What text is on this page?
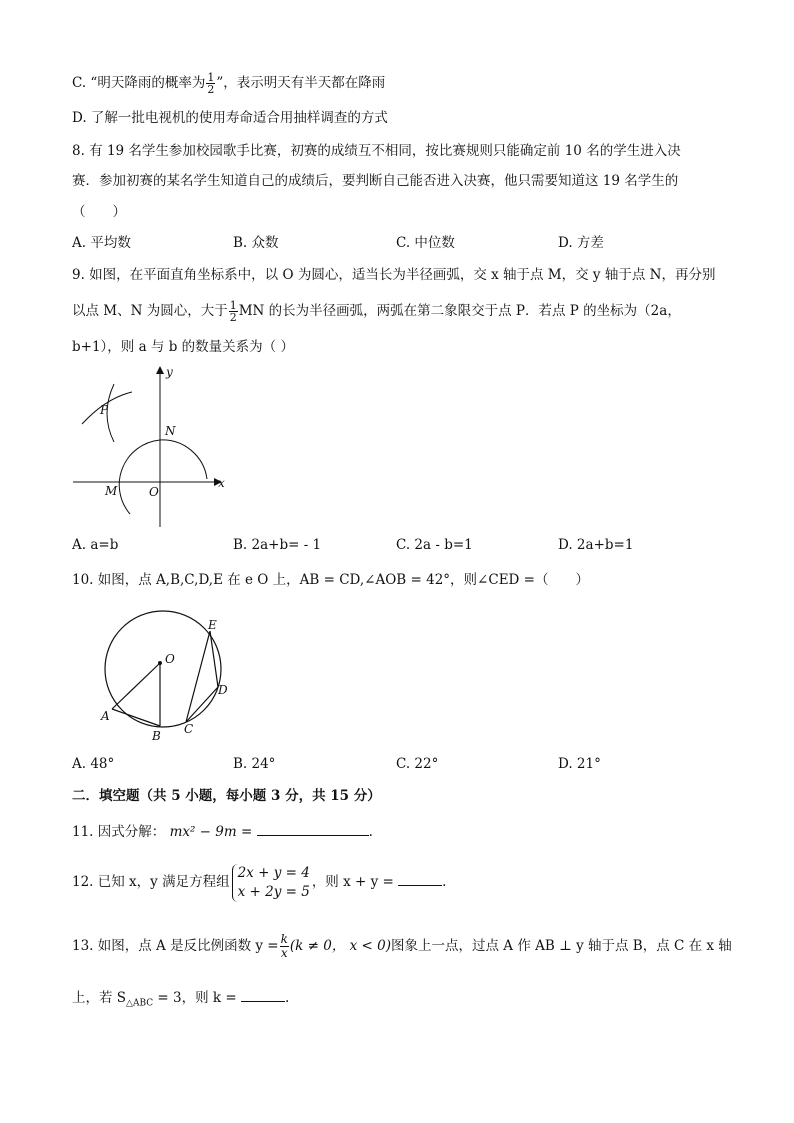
C. “明天降雨的概率为 $\frac{1}{2}$ ”，表示明天有半天都在降雨
D. 了解一批电视机的使用寿命适合用抽样调查的方式
8. 有 19 名学生参加校园歌手比赛，初赛的成绩互不相同，按比赛规则只能确定前 10 名的学生进入决
赛．参加初赛的某名学生知道自己的成绩后，要判断自己能否进入决赛，他只需要知道这 19 名学生的
（　　）
A. 平均数	B. 众数	C. 中位数	D. 方差
9. 如图，在平面直角坐标系中，以 O 为圆心，适当长为半径画弧，交 x 轴于点 M，交 y 轴于点 N，再分别
以点 M、N 为圆心，大于 $\frac{1}{2}$ MN 的长为半径画弧，两弧在第二象限交于点 P．若点 P 的坐标为（2a，
b+1），则 a 与 b 的数量关系为（ ）
y
x
P
N
M	O
A. a=b	B. 2a+b= - 1	C. 2a - b=1	D. 2a+b=1
10. 如图，点 A,B,C,D,E 在 e O 上，AB = CD,∠AOB = 42°，则∠CED =（　　）
O
E
D
A
B C
A. 48°	B. 24°	C. 22°	D. 21°
二．填空题（共 5 小题，每小题 3 分，共 15 分）
11. 因式分解： mx² − 9m =	.
12. 已知 x，y 满足方程组
2x + y = 4
x + 2y = 5
，则 x + y =	.
13. 如图，点 A 是反比例函数 $y = \frac{k}{x} (k \ne 0$， x < 0)图象上一点，过点 A 作 AB ⊥ y 轴于点 B，点 C 在 x 轴
上，若 $S_{\triangle ABC} = 3$，则 k =	.
